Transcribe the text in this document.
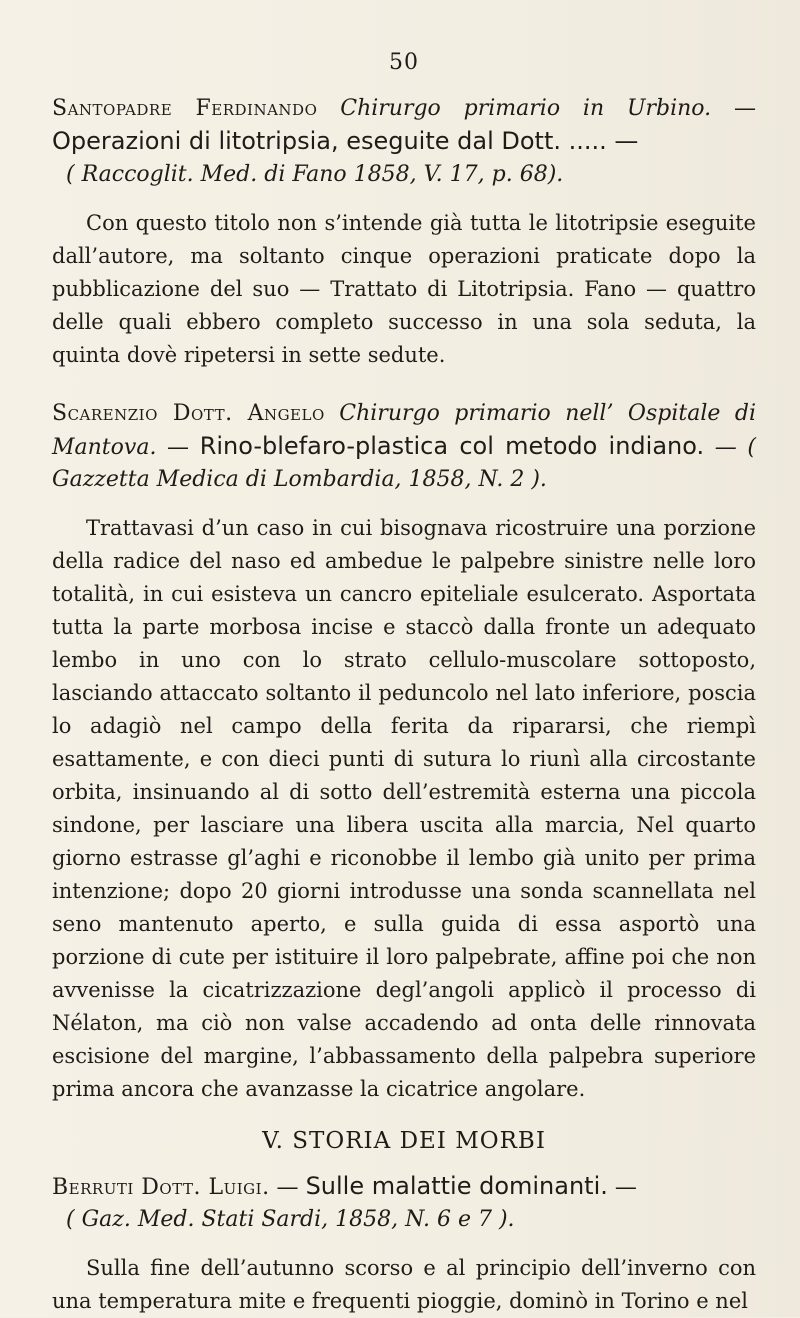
50

Santopadre Ferdinando Chirurgo primario in Urbino. — Operazioni di litotripsia, eseguite dal Dott. ..... —

( Raccoglit. Med. di Fano 1858, V. 17, p. 68).

Con questo titolo non s’intende già tutta le litotripsie eseguite dall’autore, ma soltanto cinque operazioni praticate dopo la pubblicazione del suo — Trattato di Litotripsia. Fano — quattro delle quali ebbero completo successo in una sola seduta, la quinta dovè ripetersi in sette sedute.

Scarenzio Dott. Angelo Chirurgo primario nell’ Ospitale di Mantova. — Rino-blefaro-plastica col metodo indiano. — ( Gazzetta Medica di Lombardia, 1858, N. 2 ).

Trattavasi d’un caso in cui bisognava ricostruire una porzione della radice del naso ed ambedue le palpebre sinistre nelle loro totalità, in cui esisteva un cancro epiteliale esulcerato. Asportata tutta la parte morbosa incise e staccò dalla fronte un adequato lembo in uno con lo strato cellulo-muscolare sottoposto, lasciando attaccato soltanto il peduncolo nel lato inferiore, poscia lo adagiò nel campo della ferita da ripararsi, che riempì esattamente, e con dieci punti di sutura lo riunì alla circostante orbita, insinuando al di sotto dell’estremità esterna una piccola sindone, per lasciare una libera uscita alla marcia, Nel quarto giorno estrasse gl’aghi e riconobbe il lembo già unito per prima intenzione; dopo 20 giorni introdusse una sonda scannellata nel seno mantenuto aperto, e sulla guida di essa asportò una porzione di cute per istituire il loro palpebrate, affine poi che non avvenisse la cicatrizzazione degl’angoli applicò il processo di Nélaton, ma ciò non valse accadendo ad onta delle rinnovata escisione del margine, l’abbassamento della palpebra superiore prima ancora che avanzasse la cicatrice angolare.

V. STORIA DEI MORBI

Berruti Dott. Luigi. — Sulle malattie dominanti. —

( Gaz. Med. Stati Sardi, 1858, N. 6 e 7 ).

Sulla fine dell’autunno scorso e al principio dell’inverno con una temperatura mite e frequenti pioggie, dominò in Torino e nel
